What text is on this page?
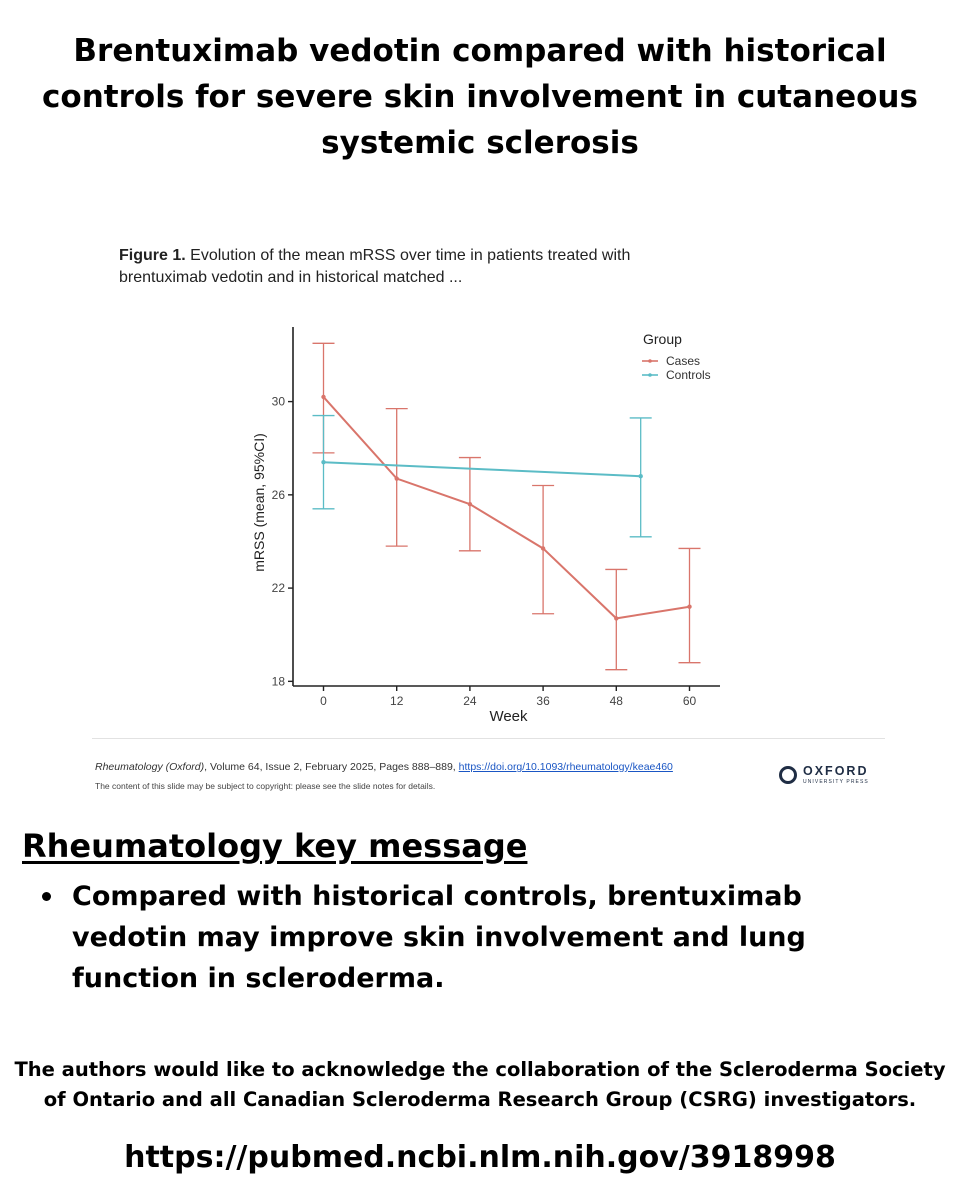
Brentuximab vedotin compared with historical controls for severe skin involvement in cutaneous systemic sclerosis
Figure 1. Evolution of the mean mRSS over time in patients treated with brentuximab vedotin and in historical matched ...
18
22
26
30
0	12	24	36	48	60
Week
mRSS (mean, 95%CI)
Group
Cases
Controls
Rheumatology (Oxford), Volume 64, Issue 2, February 2025, Pages 888–889, https://doi.org/10.1093/rheumatology/keae460
The content of this slide may be subject to copyright: please see the slide notes for details.
OXFORD
UNIVERSITY PRESS
Rheumatology key message
Compared with historical controls, brentuximab vedotin may improve skin involvement and lung function in scleroderma.
The authors would like to acknowledge the collaboration of the Scleroderma Society of Ontario and all Canadian Scleroderma Research Group (CSRG) investigators.
https://pubmed.ncbi.nlm.nih.gov/3918998
